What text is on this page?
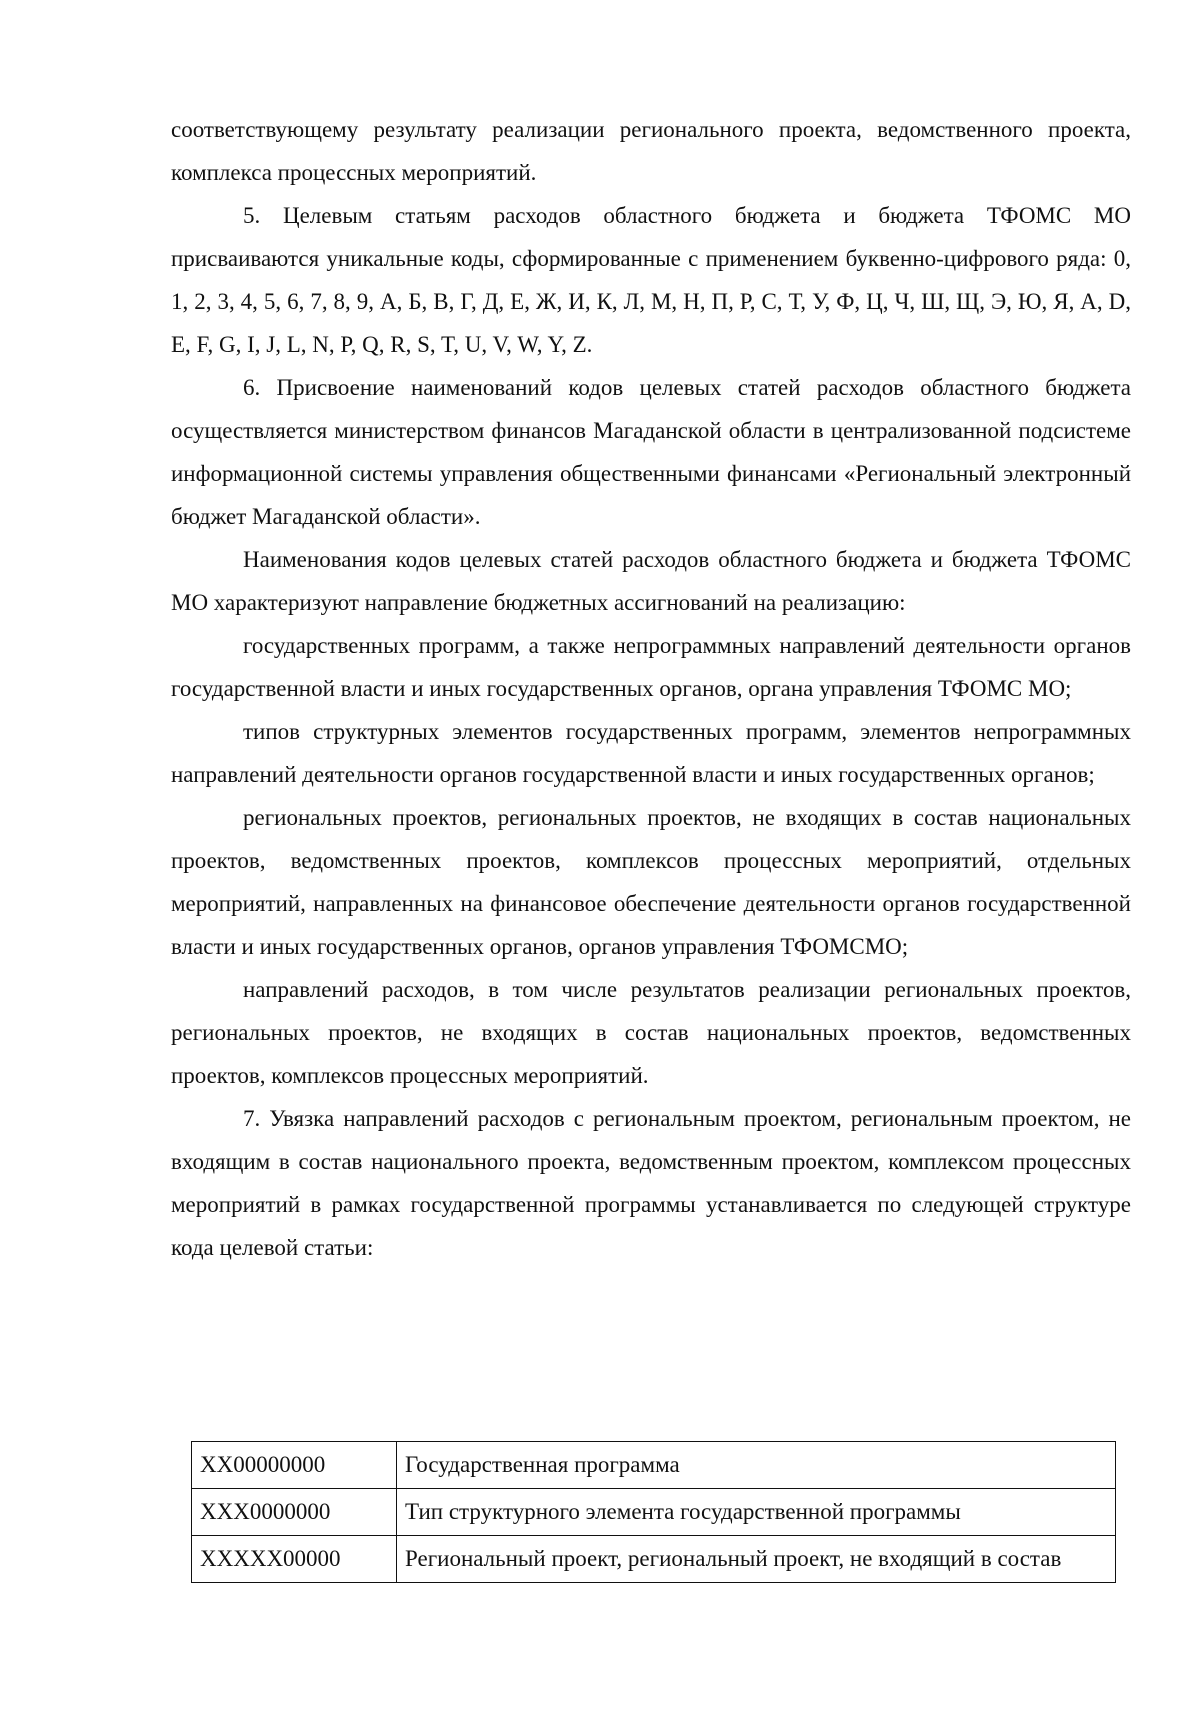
соответствующему результату реализации регионального проекта, ведомственного проекта, комплекса процессных мероприятий.

5. Целевым статьям расходов областного бюджета и бюджета ТФОМС МО присваиваются уникальные коды, сформированные с применением буквенно-цифрового ряда: 0, 1, 2, 3, 4, 5, 6, 7, 8, 9, А, Б, В, Г, Д, Е, Ж, И, К, Л, М, Н, П, Р, С, Т, У, Ф, Ц, Ч, Ш, Щ, Э, Ю, Я, A, D, E, F, G, I, J, L, N, P, Q, R, S, T, U, V, W, Y, Z.

6. Присвоение наименований кодов целевых статей расходов областного бюджета осуществляется министерством финансов Магаданской области в централизованной подсистеме информационной системы управления общественными финансами «Региональный электронный бюджет Магаданской области».

Наименования кодов целевых статей расходов областного бюджета и бюджета ТФОМС МО характеризуют направление бюджетных ассигнований на реализацию:

государственных программ, а также непрограммных направлений деятельности органов государственной власти и иных государственных органов, органа управления ТФОМС МО;

типов структурных элементов государственных программ, элементов непрограммных направлений деятельности органов государственной власти и иных государственных органов;

региональных проектов, региональных проектов, не входящих в состав национальных проектов, ведомственных проектов, комплексов процессных мероприятий, отдельных мероприятий, направленных на финансовое обеспечение деятельности органов государственной власти и иных государственных органов, органов управления ТФОМСМО;

направлений расходов, в том числе результатов реализации региональных проектов, региональных проектов, не входящих в состав национальных проектов, ведомственных проектов, комплексов процессных мероприятий.

7. Увязка направлений расходов с региональным проектом, региональным проектом, не входящим в состав национального проекта, ведомственным проектом, комплексом процессных мероприятий в рамках государственной программы устанавливается по следующей структуре кода целевой статьи:

XX00000000	Государственная программа
XXX0000000	Тип структурного элемента государственной программы
XXXXX00000	Региональный проект, региональный проект, не входящий в состав
